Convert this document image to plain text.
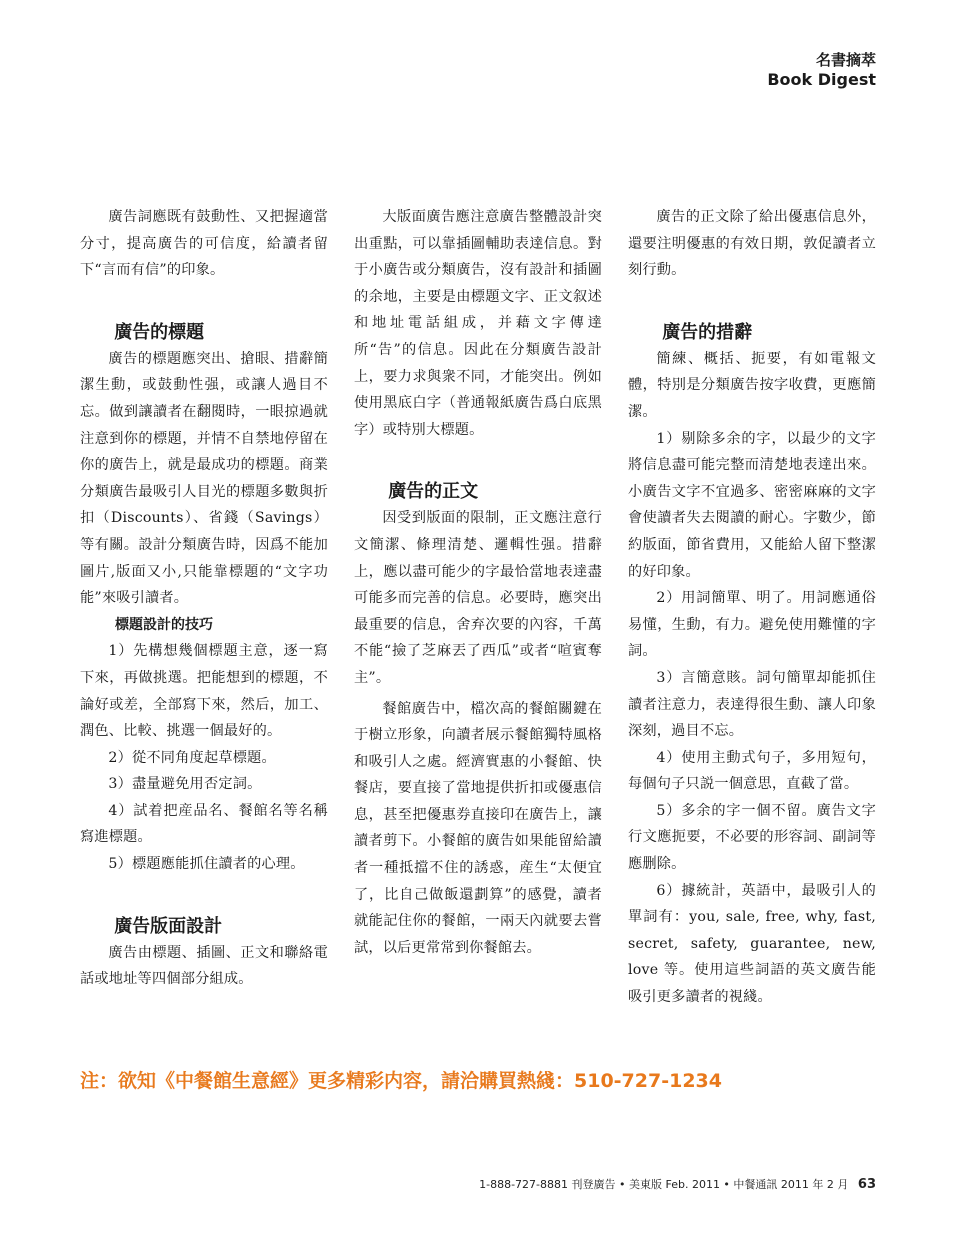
名書摘萃
Book Digest

廣告詞應既有鼓動性、又把握適當分寸，提高廣告的可信度，給讀者留下“言而有信”的印象。

廣告的標題

廣告的標題應突出、搶眼、措辭簡潔生動，或鼓動性强，或讓人過目不忘。做到讓讀者在翻閱時，一眼掠過就注意到你的標題，并情不自禁地停留在你的廣告上，就是最成功的標題。商業分類廣告最吸引人目光的標題多數與折扣（Discounts）、省錢（Savings）等有關。設計分類廣告時，因爲不能加圖片,版面又小,只能靠標題的“文字功能”來吸引讀者。

標題設計的技巧

1）先構想幾個標題主意，逐一寫下來，再做挑選。把能想到的標題，不論好或差，全部寫下來，然后，加工、潤色、比較、挑選一個最好的。

2）從不同角度起草標題。

3）盡量避免用否定詞。

4）試着把産品名、餐館名等名稱寫進標題。

5）標題應能抓住讀者的心理。

廣告版面設計

廣告由標題、插圖、正文和聯絡電話或地址等四個部分組成。

大版面廣告應注意廣告整體設計突出重點，可以靠插圖輔助表達信息。對于小廣告或分類廣告，沒有設計和插圖的余地，主要是由標題文字、正文叙述和地址電話組成，并藉文字傳達所“告”的信息。因此在分類廣告設計上，要力求與衆不同，才能突出。例如使用黑底白字（普通報紙廣告爲白底黑字）或特別大標題。

廣告的正文

因受到版面的限制，正文應注意行文簡潔、條理清楚、邏輯性强。措辭上，應以盡可能少的字最恰當地表達盡可能多而完善的信息。必要時，應突出最重要的信息，舍弃次要的內容，千萬不能“撿了芝麻丟了西瓜”或者“喧賓奪主”。

餐館廣告中，檔次高的餐館關鍵在于樹立形象，向讀者展示餐館獨特風格和吸引人之處。經濟實惠的小餐館、快餐店，要直接了當地提供折扣或優惠信息，甚至把優惠券直接印在廣告上，讓讀者剪下。小餐館的廣告如果能留給讀者一種抵擋不住的誘惑，産生“太便宜了，比自己做飯還劃算”的感覺，讀者就能記住你的餐館，一兩天內就要去嘗試，以后更常常到你餐館去。

廣告的正文除了給出優惠信息外，還要注明優惠的有效日期，敦促讀者立刻行動。

廣告的措辭

簡練、概括、扼要，有如電報文體，特別是分類廣告按字收費，更應簡潔。

1）剔除多余的字，以最少的文字將信息盡可能完整而清楚地表達出來。小廣告文字不宜過多、密密麻麻的文字會使讀者失去閱讀的耐心。字數少，節約版面，節省費用，又能給人留下整潔的好印象。

2）用詞簡單、明了。用詞應通俗易懂，生動，有力。避免使用難懂的字詞。

3）言簡意賅。詞句簡單却能抓住讀者注意力，表達得很生動、讓人印象深刻，過目不忘。

4）使用主動式句子，多用短句，每個句子只説一個意思，直截了當。

5）多余的字一個不留。廣告文字行文應扼要，不必要的形容詞、副詞等應删除。

6）據統計，英語中，最吸引人的單詞有：you, sale, free, why, fast, secret, safety, guarantee, new, love 等。使用這些詞語的英文廣告能吸引更多讀者的視綫。

注：欲知《中餐館生意經》更多精彩内容，請洽購買熱綫：510-727-1234
1-888-727-8881 刊登廣告 • 美東版 Feb. 2011 • 中餐通訊 2011 年 2 月 63
